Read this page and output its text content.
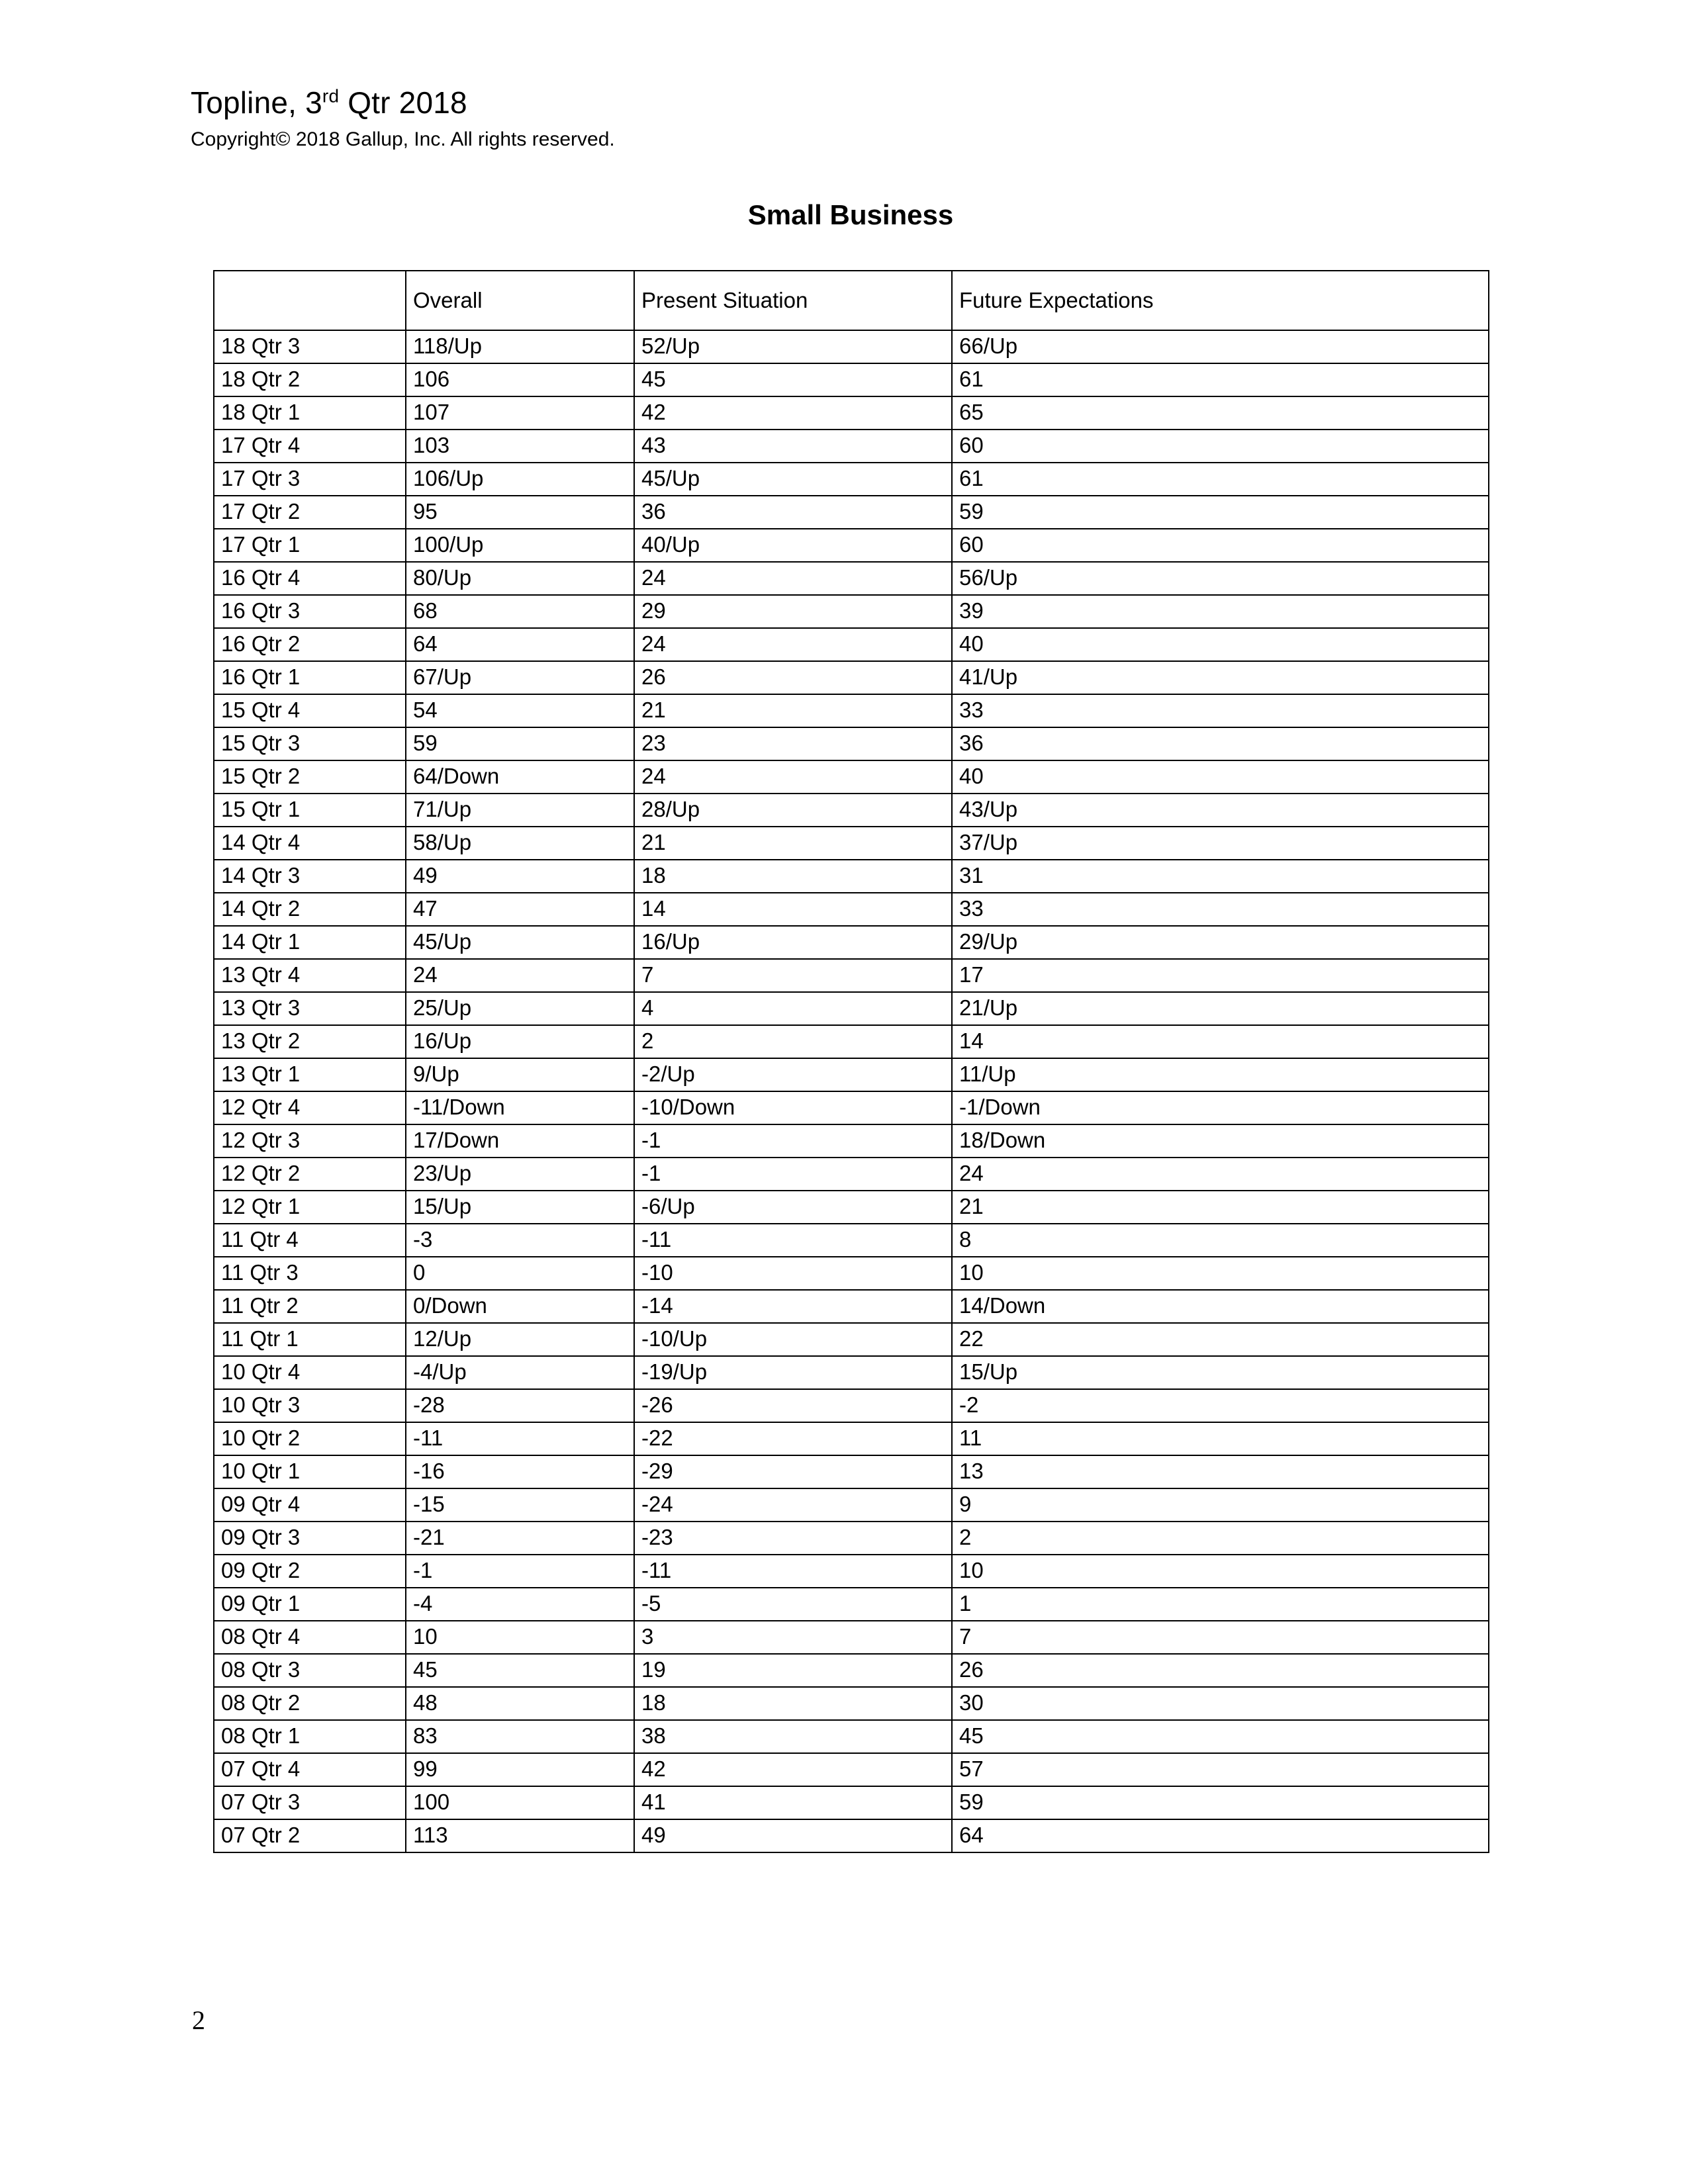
Topline, 3rd Qtr 2018
Copyright© 2018 Gallup, Inc. All rights reserved.
Small Business
	Overall	Present Situation	Future Expectations
18 Qtr 3	118/Up	52/Up	66/Up
18 Qtr 2	106	45	61
18 Qtr 1	107	42	65
17 Qtr 4	103	43	60
17 Qtr 3	106/Up	45/Up	61
17 Qtr 2	95	36	59
17 Qtr 1	100/Up	40/Up	60
16 Qtr 4	80/Up	24	56/Up
16 Qtr 3	68	29	39
16 Qtr 2	64	24	40
16 Qtr 1	67/Up	26	41/Up
15 Qtr 4	54	21	33
15 Qtr 3	59	23	36
15 Qtr 2	64/Down	24	40
15 Qtr 1	71/Up	28/Up	43/Up
14 Qtr 4	58/Up	21	37/Up
14 Qtr 3	49	18	31
14 Qtr 2	47	14	33
14 Qtr 1	45/Up	16/Up	29/Up
13 Qtr 4	24	7	17
13 Qtr 3	25/Up	4	21/Up
13 Qtr 2	16/Up	2	14
13 Qtr 1	9/Up	-2/Up	11/Up
12 Qtr 4	-11/Down	-10/Down	-1/Down
12 Qtr 3	17/Down	-1	18/Down
12 Qtr 2	23/Up	-1	24
12 Qtr 1	15/Up	-6/Up	21
11 Qtr 4	-3	-11	8
11 Qtr 3	0	-10	10
11 Qtr 2	0/Down	-14	14/Down
11 Qtr 1	12/Up	-10/Up	22
10 Qtr 4	-4/Up	-19/Up	15/Up
10 Qtr 3	-28	-26	-2
10 Qtr 2	-11	-22	11
10 Qtr 1	-16	-29	13
09 Qtr 4	-15	-24	9
09 Qtr 3	-21	-23	2
09 Qtr 2	-1	-11	10
09 Qtr 1	-4	-5	1
08 Qtr 4	10	3	7
08 Qtr 3	45	19	26
08 Qtr 2	48	18	30
08 Qtr 1	83	38	45
07 Qtr 4	99	42	57
07 Qtr 3	100	41	59
07 Qtr 2	113	49	64
2
